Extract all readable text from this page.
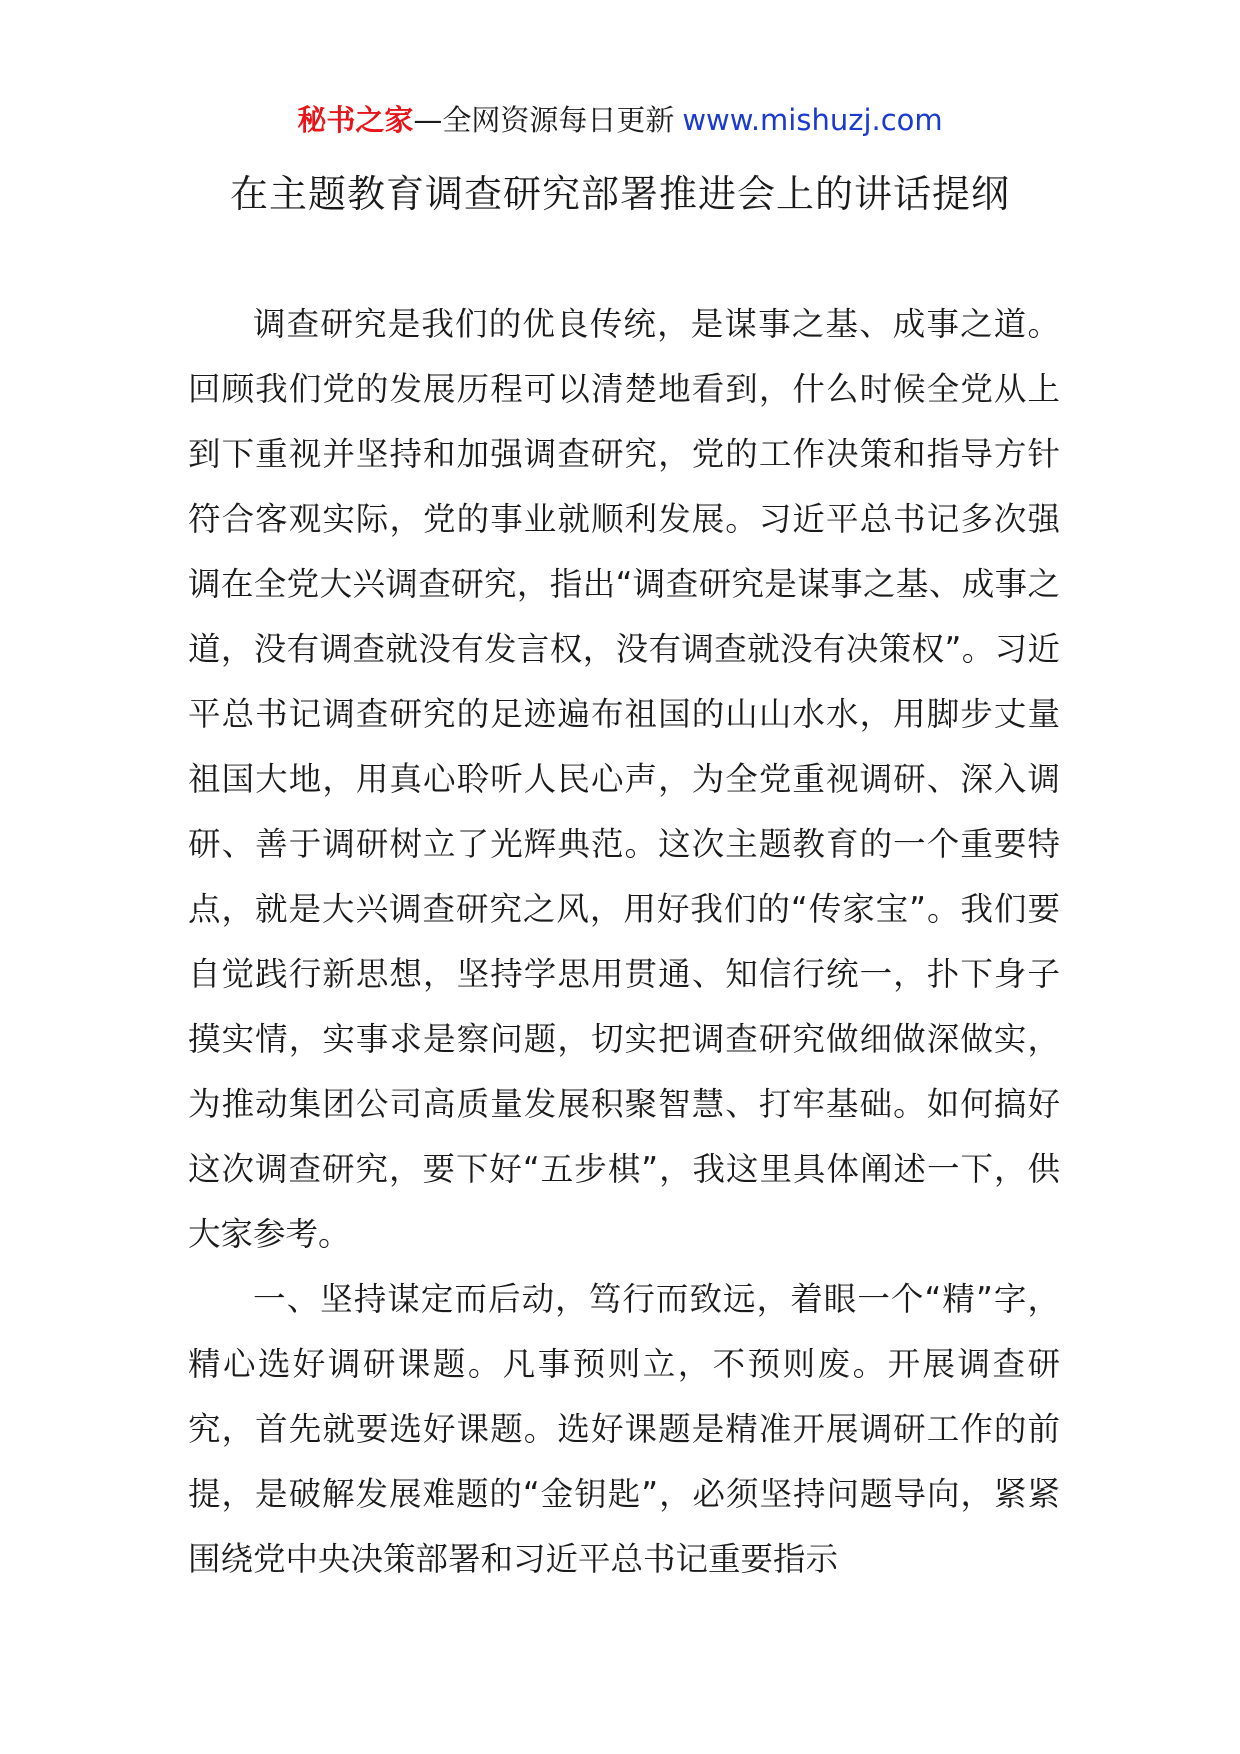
秘书之家—全网资源每日更新 www.mishuzj.com
在主题教育调查研究部署推进会上的讲话提纲

调查研究是我们的优良传统，是谋事之基、成事之道。回顾我们党的发展历程可以清楚地看到，什么时候全党从上到下重视并坚持和加强调查研究，党的工作决策和指导方针符合客观实际，党的事业就顺利发展。习近平总书记多次强调在全党大兴调查研究，指出“调查研究是谋事之基、成事之道，没有调查就没有发言权，没有调查就没有决策权”。习近平总书记调查研究的足迹遍布祖国的山山水水，用脚步丈量祖国大地，用真心聆听人民心声，为全党重视调研、深入调研、善于调研树立了光辉典范。这次主题教育的一个重要特点，就是大兴调查研究之风，用好我们的“传家宝”。我们要自觉践行新思想，坚持学思用贯通、知信行统一，扑下身子摸实情，实事求是察问题，切实把调查研究做细做深做实，为推动集团公司高质量发展积聚智慧、打牢基础。如何搞好这次调查研究，要下好“五步棋”，我这里具体阐述一下，供大家参考。

一、坚持谋定而后动，笃行而致远，着眼一个“精”字，精心选好调研课题。凡事预则立，不预则废。开展调查研究，首先就要选好课题。选好课题是精准开展调研工作的前提，是破解发展难题的“金钥匙”，必须坚持问题导向，紧紧围绕党中央决策部署和习近平总书记重要指示
